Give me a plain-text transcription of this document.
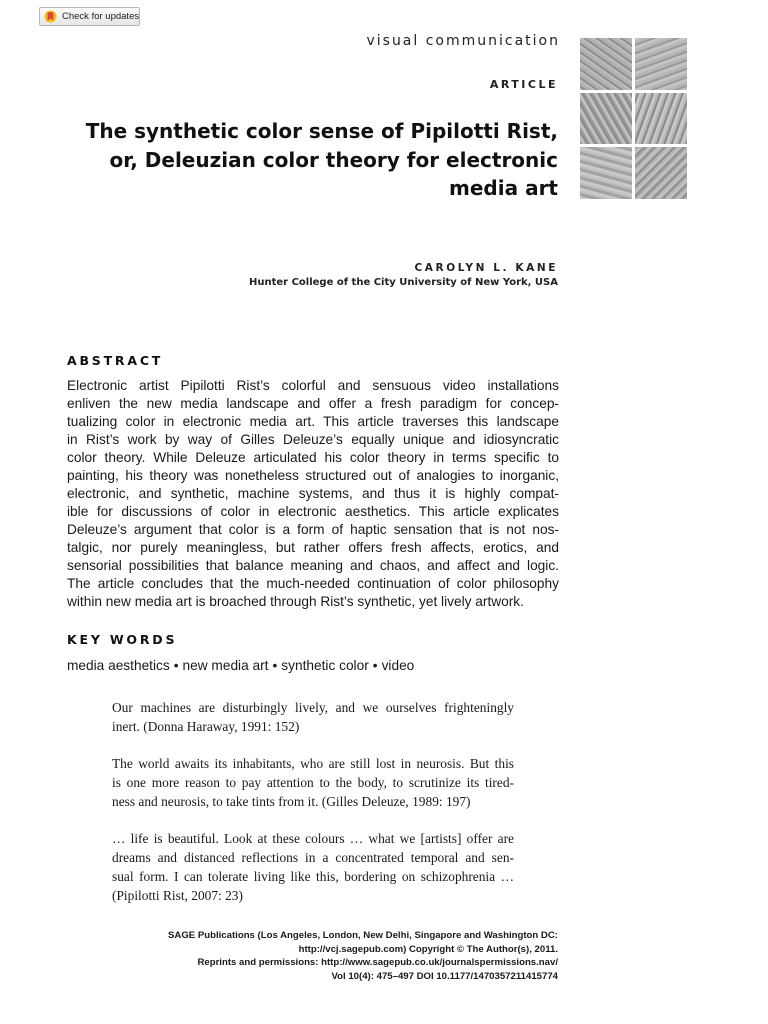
Check for updates
visual communication
ARTICLE
The synthetic color sense of Pipilotti Rist,
or, Deleuzian color theory for electronic
media art
CAROLYN L. KANE
Hunter College of the City University of New York, USA
ABSTRACT
Electronic artist Pipilotti Rist’s colorful and sensuous video installations
enliven the new media landscape and offer a fresh paradigm for concep-
tualizing color in electronic media art. This article traverses this landscape
in Rist’s work by way of Gilles Deleuze’s equally unique and idiosyncratic
color theory. While Deleuze articulated his color theory in terms specific to
painting, his theory was nonetheless structured out of analogies to inorganic,
electronic, and synthetic, machine systems, and thus it is highly compat-
ible for discussions of color in electronic aesthetics. This article explicates
Deleuze’s argument that color is a form of haptic sensation that is not nos-
talgic, nor purely meaningless, but rather offers fresh affects, erotics, and
sensorial possibilities that balance meaning and chaos, and affect and logic.
The article concludes that the much-needed continuation of color philosophy
within new media art is broached through Rist’s synthetic, yet lively artwork.
KEY WORDS
media aesthetics • new media art • synthetic color • video
Our machines are disturbingly lively, and we ourselves frighteningly
inert. (Donna Haraway, 1991: 152)
The world awaits its inhabitants, who are still lost in neurosis. But this
is one more reason to pay attention to the body, to scrutinize its tired-
ness and neurosis, to take tints from it. (Gilles Deleuze, 1989: 197)
… life is beautiful. Look at these colours … what we [artists] offer are
dreams and distanced reflections in a concentrated temporal and sen-
sual form. I can tolerate living like this, bordering on schizophrenia …
(Pipilotti Rist, 2007: 23)
SAGE Publications (Los Angeles, London, New Delhi, Singapore and Washington DC:
http://vcj.sagepub.com) Copyright © The Author(s), 2011.
Reprints and permissions: http://www.sagepub.co.uk/journalspermissions.nav/
Vol 10(4): 475–497 DOI 10.1177/1470357211415774
